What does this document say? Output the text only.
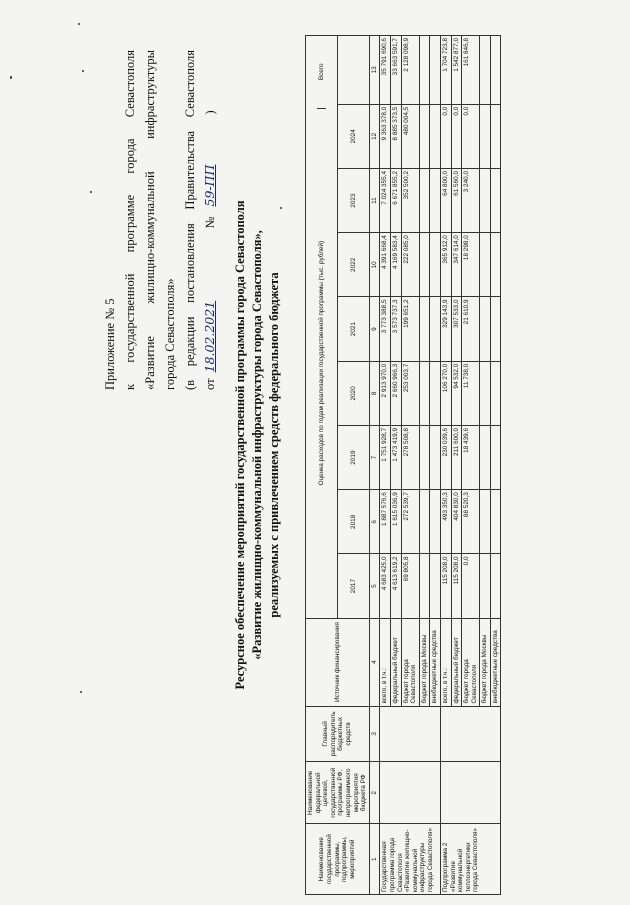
Приложение № 5 к
государственной
программе
города
Севастополя
«Развитие
жилищно-коммунальной
инфраструктуры
города Севастополя» (в
редакции
постановления
Правительства
Севастополя
от
18.02.2021
№
59-ПП
)
Ресурсное обеспечение мероприятий государственной программы города Севастополя «Развитие жилищно-коммунальной инфраструктуры города Севастополя», реализуемых с привлечением средств федерального бюджета
Наименование государственной программы, подпрограммы, мероприятий	Наименование федеральной целевой, государственной программы РФ, непрограммного мероприятия бюджета РФ	Главный распорядитель бюджетных средств	Источник финансирования	Оценка расходов по годам реализации государственной программы (тыс. рублей)
Всего								

				2017	2018	2019	2020	2021	2022	2023	2024	
1	2	3	4	5	6	7	8	9	10	11	12	13
Государственная программа города Севастополя «Развитие жилищно-коммунальной инфраструктуры города Севастополя»			всего, в т.ч.:	4 683 425,0	1 887 576,6	1 751 928,7	2 913 970,0	3 773 388,5	4 391 668,4	7 024 355,4	9 363 378,0	35 791 690,6
			федеральный бюджет	4 613 619,2	1 615 036,9	1 473 419,9	2 660 966,3	3 573 737,3	4 169 583,4	6 671 855,2	8 885 373,5	33 663 591,7
			бюджет города Севастополя	69 805,8	272 539,7	278 508,8	253 003,7	199 651,2	222 085,0	352 500,2	480 004,5	2 128 098,9
			бюджет города Москвы									
			внебюджетные средства									
Подпрограмма 2 «Развитие коммунальной теплоэнергетики города Севастополя»			всего, в т.ч.:	115 208,0	493 350,3	230 039,6	106 270,0	329 143,9	365 912,0	64 800,0	0,0	1 704 723,8
			федеральный бюджет	115 208,0	404 830,0	211 600,0	94 532,0	307 533,0	347 614,0	61 560,0	0,0	1 542 877,0
			бюджет города Севастополя	0,0	88 520,3	18 439,6	11 738,0	21 610,9	18 298,0	3 240,0	0,0	161 846,8
			бюджет города Москвы									
			внебюджетные средства									
